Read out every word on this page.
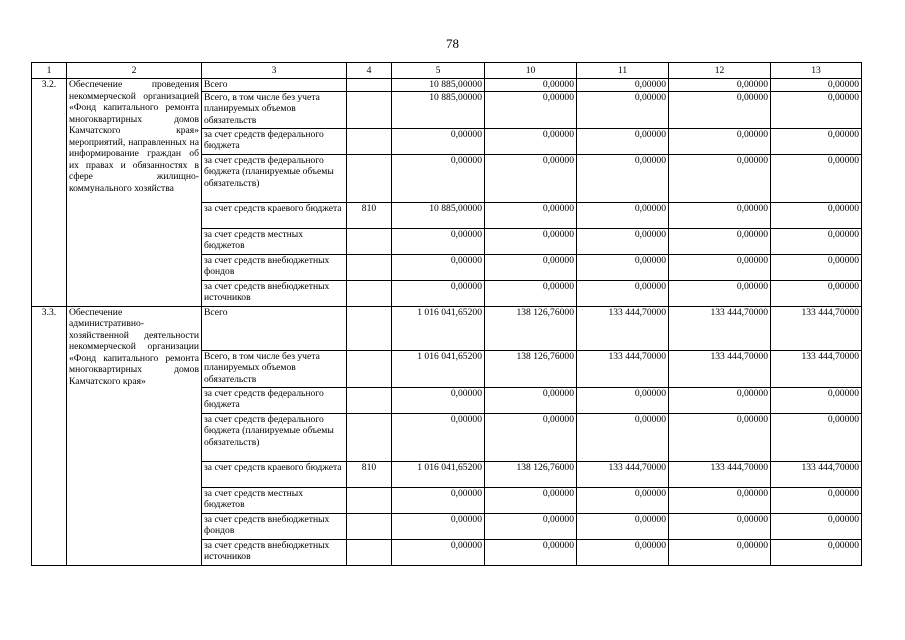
78
1	2	3	4	5	10	11	12	13
3.2.	Обеспечение проведения некоммерческой организацией «Фонд капитального ремонта многоквартирных домов Камчатского края» мероприятий, направленных на информирование граждан об их правах и обязанностях в сфере жилищно-коммунального хозяйства	Всего		10 885,00000	0,00000	0,00000	0,00000	0,00000
		Всего, в том числе без учета планируемых объемов обязательств		10 885,00000	0,00000	0,00000	0,00000	0,00000
		за счет средств федерального бюджета		0,00000	0,00000	0,00000	0,00000	0,00000
		за счет средств федерального бюджета (планируемые объемы обязательств)		0,00000	0,00000	0,00000	0,00000	0,00000
		за счет средств краевого бюджета	810	10 885,00000	0,00000	0,00000	0,00000	0,00000
		за счет средств местных бюджетов		0,00000	0,00000	0,00000	0,00000	0,00000
		за счет средств внебюджетных фондов		0,00000	0,00000	0,00000	0,00000	0,00000
		за счет средств внебюджетных источников		0,00000	0,00000	0,00000	0,00000	0,00000
3.3.	Обеспечение административно-хозяйственной деятельности некоммерческой организации «Фонд капитального ремонта многоквартирных домов Камчатского края»	Всего		1 016 041,65200	138 126,76000	133 444,70000	133 444,70000	133 444,70000
		Всего, в том числе без учета планируемых объемов обязательств		1 016 041,65200	138 126,76000	133 444,70000	133 444,70000	133 444,70000
		за счет средств федерального бюджета		0,00000	0,00000	0,00000	0,00000	0,00000
		за счет средств федерального бюджета (планируемые объемы обязательств)		0,00000	0,00000	0,00000	0,00000	0,00000
		за счет средств краевого бюджета	810	1 016 041,65200	138 126,76000	133 444,70000	133 444,70000	133 444,70000
		за счет средств местных бюджетов		0,00000	0,00000	0,00000	0,00000	0,00000
		за счет средств внебюджетных фондов		0,00000	0,00000	0,00000	0,00000	0,00000
		за счет средств внебюджетных источников		0,00000	0,00000	0,00000	0,00000	0,00000
